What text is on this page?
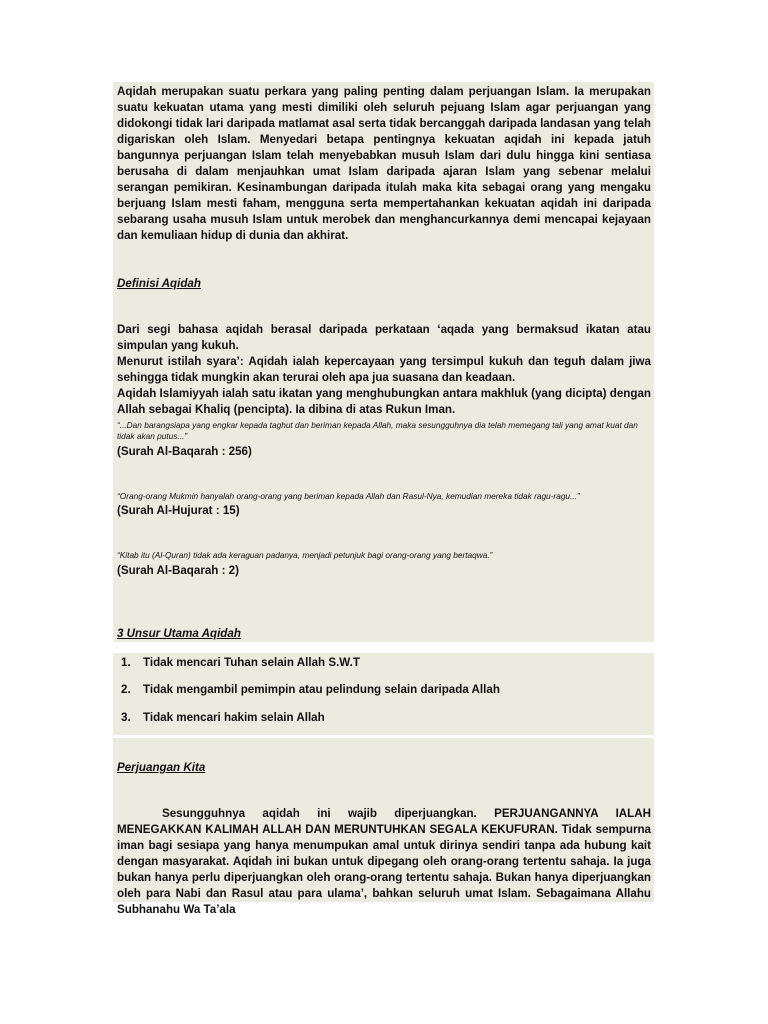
Aqidah merupakan suatu perkara yang paling penting dalam perjuangan Islam. Ia merupakan suatu kekuatan utama yang mesti dimiliki oleh seluruh pejuang Islam agar perjuangan yang didokongi tidak lari daripada matlamat asal serta tidak bercanggah daripada landasan yang telah digariskan oleh Islam. Menyedari betapa pentingnya kekuatan aqidah ini kepada jatuh bangunnya perjuangan Islam telah menyebabkan musuh Islam dari dulu hingga kini sentiasa berusaha di dalam menjauhkan umat Islam daripada ajaran Islam yang sebenar melalui serangan pemikiran. Kesinambungan daripada itulah maka kita sebagai orang yang mengaku berjuang Islam mesti faham, mengguna serta mempertahankan kekuatan aqidah ini daripada sebarang usaha musuh Islam untuk merobek dan menghancurkannya demi mencapai kejayaan dan kemuliaan hidup di dunia dan akhirat.

Definisi Aqidah

Dari segi bahasa aqidah berasal daripada perkataan ‘aqada yang bermaksud ikatan atau simpulan yang kukuh.

Menurut istilah syara’: Aqidah ialah kepercayaan yang tersimpul kukuh dan teguh dalam jiwa sehingga tidak mungkin akan terurai oleh apa jua suasana dan keadaan.

Aqidah Islamiyyah ialah satu ikatan yang menghubungkan antara makhluk (yang dicipta) dengan Allah sebagai Khaliq (pencipta). Ia dibina di atas Rukun Iman.

“...Dan barangsiapa yang engkar kepada taghut dan beriman kepada Allah, maka sesungguhnya dia telah memegang tali yang amat kuat dan tidak akan putus...”

(Surah Al-Baqarah : 256)

“Orang-orang Mukmin hanyalah orang-orang yang beriman kepada Allah dan Rasul-Nya, kemudian mereka tidak ragu-ragu...”

(Surah Al-Hujurat : 15)

“Kitab itu (Al-Quran) tidak ada keraguan padanya, menjadi petunjuk bagi orang-orang yang bertaqwa.”

(Surah Al-Baqarah : 2)

3 Unsur Utama Aqidah

1.	Tidak mencari Tuhan selain Allah S.W.T
2.	Tidak mengambil pemimpin atau pelindung selain daripada Allah
3.	Tidak mencari hakim selain Allah

Perjuangan Kita

Sesungguhnya aqidah ini wajib diperjuangkan. PERJUANGANNYA IALAH MENEGAKKAN KALIMAH ALLAH DAN MERUNTUHKAN SEGALA KEKUFURAN. Tidak sempurna iman bagi sesiapa yang hanya menumpukan amal untuk dirinya sendiri tanpa ada hubung kait dengan masyarakat. Aqidah ini bukan untuk dipegang oleh orang-orang tertentu sahaja. Ia juga bukan hanya perlu diperjuangkan oleh orang-orang tertentu sahaja. Bukan hanya diperjuangkan oleh para Nabi dan Rasul atau para ulama’, bahkan seluruh umat Islam. Sebagaimana Allahu Subhanahu Wa Ta’ala
